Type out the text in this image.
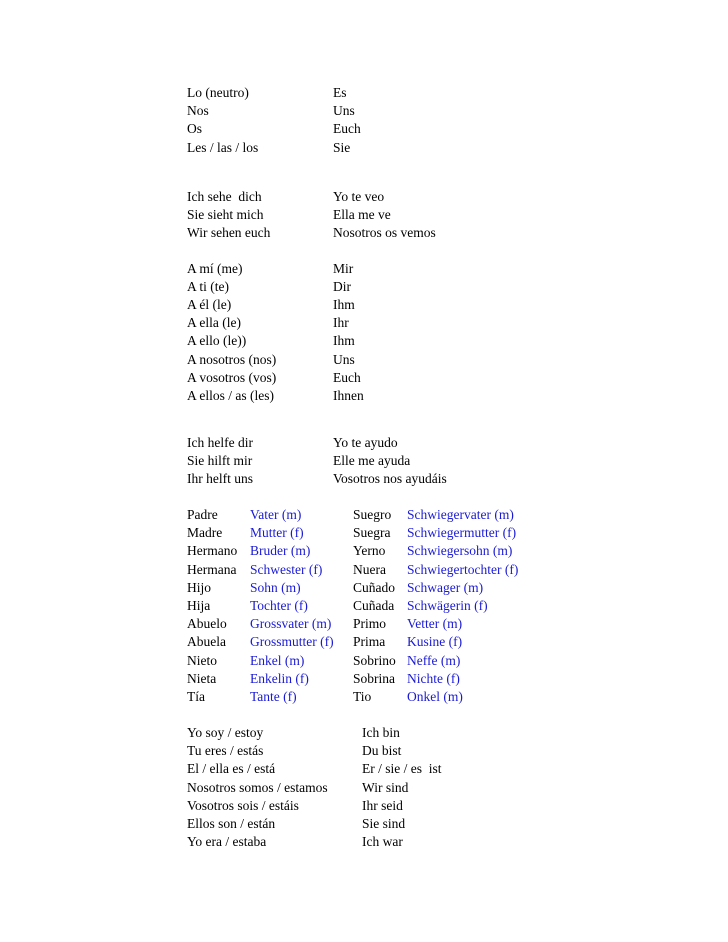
Lo (neutro)	Es
Nos	Uns
Os	Euch
Les / las / los	Sie
Ich sehe  dich	Yo te veo
Sie sieht mich	Ella me ve
Wir sehen euch	Nosotros os vemos
A mí (me)	Mir
A ti (te)	Dir
A él (le)	Ihm
A ella (le)	Ihr
A ello (le))	Ihm
A nosotros (nos)	Uns
A vosotros (vos)	Euch
A ellos / as (les)	Ihnen
Ich helfe dir	Yo te ayudo
Sie hilft mir	Elle me ayuda
Ihr helft uns	Vosotros nos ayudáis
Padre Vater (m)	Suegro Schwiegervater (m)
Madre Mutter (f)	Suegra Schwiegermutter (f)
Hermano Bruder (m)	Yerno Schwiegersohn (m)
Hermana Schwester (f) Nuera Schwiegertochter (f)
Hijo	Sohn (m)	Cuñado Schwager (m)
Hija	Tochter (f)	Cuñada Schwägerin (f)
Abuelo Grossvater (m) Primo Vetter (m)
Abuela Grossmutter (f) Prima Kusine (f)
Nieto Enkel (m)	Sobrino Neffe (m)
Nieta	Enkelin (f)	Sobrina Nichte (f)
Tía	Tante (f)	Tio	Onkel (m)
Yo soy / estoy	Ich bin
Tu eres / estás	Du bist
El / ella es / está	Er / sie / es  ist
Nosotros somos / estamos	Wir sind
Vosotros sois / estáis	Ihr seid
Ellos son / están	Sie sind
Yo era / estaba	Ich war
